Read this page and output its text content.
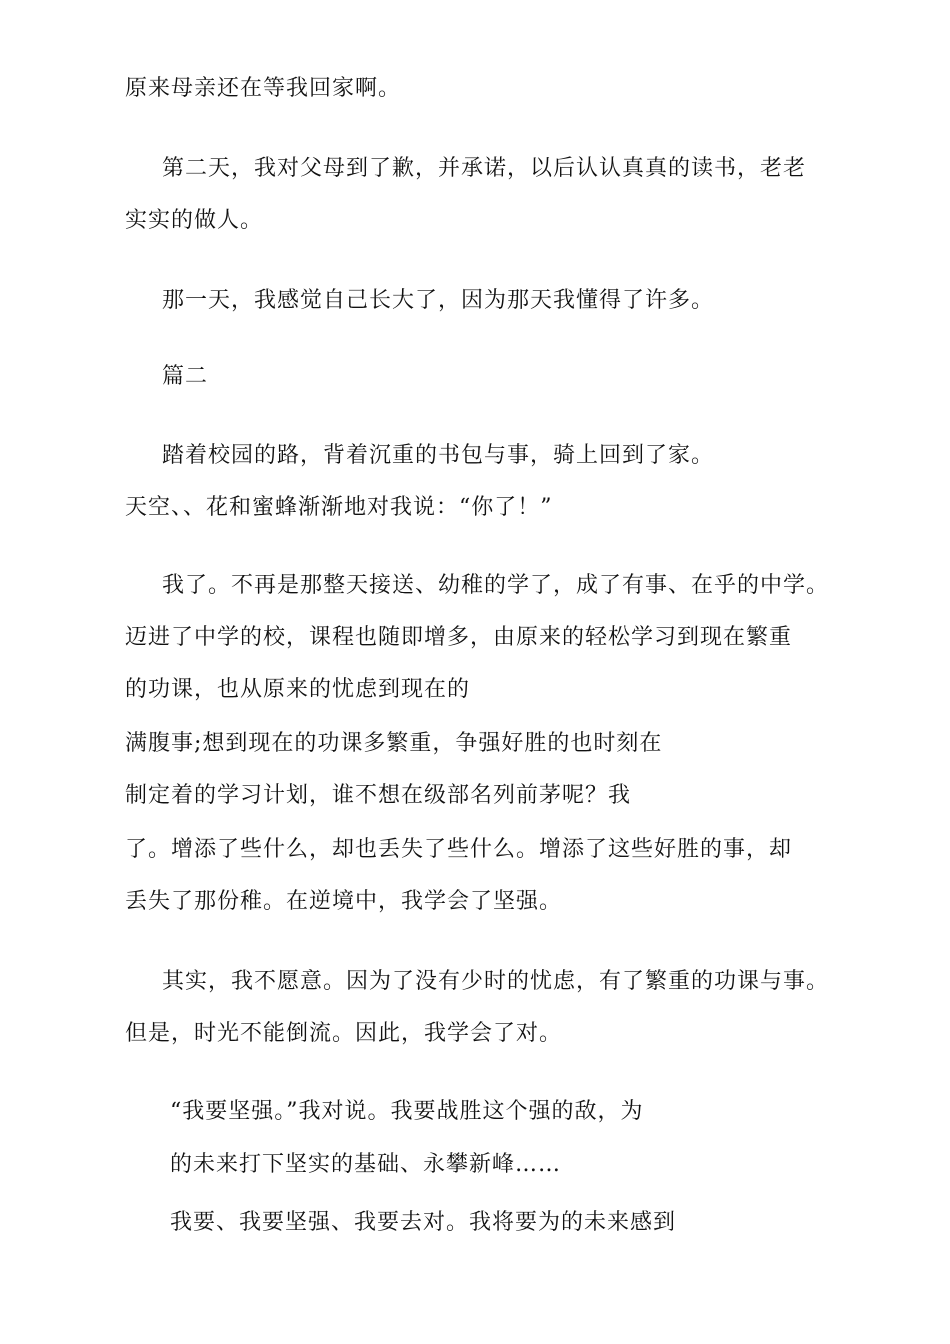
原来母亲还在等我回家啊。
第二天，我对父母到了歉，并承诺，以后认认真真的读书，老老
实实的做人。
那一天，我感觉自己长大了，因为那天我懂得了许多。
篇二
踏着校园的路，背着沉重的书包与事，骑上回到了家。
天空、、花和蜜蜂渐渐地对我说：“你了！”
我了。不再是那整天接送、幼稚的学了，成了有事、在乎的中学。
迈进了中学的校，课程也随即增多，由原来的轻松学习到现在繁重
的功课，也从原来的忧虑到现在的
满腹事;想到现在的功课多繁重，争强好胜的也时刻在
制定着的学习计划，谁不想在级部名列前茅呢？我
了。增添了些什么，却也丢失了些什么。增添了这些好胜的事，却
丢失了那份稚。在逆境中，我学会了坚强。
其实，我不愿意。因为了没有少时的忧虑，有了繁重的功课与事。
但是，时光不能倒流。因此，我学会了对。
“我要坚强。”我对说。我要战胜这个强的敌，为
的未来打下坚实的基础、永攀新峰……
我要、我要坚强、我要去对。我将要为的未来感到
